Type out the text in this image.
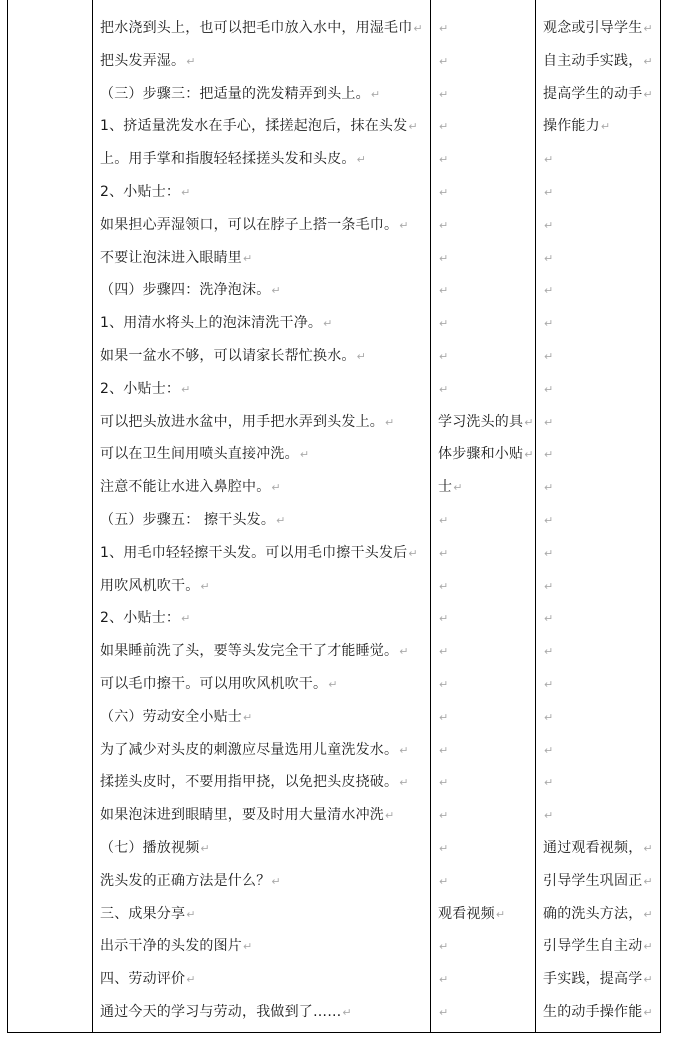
把水浇到头上，也可以把毛巾放入水中，用湿毛巾↵
把头发弄湿。↵
（三）步骤三：把适量的洗发精弄到头上。↵
1、挤适量洗发水在手心，揉搓起泡后，抹在头发↵
上。用手掌和指腹轻轻揉搓头发和头皮。↵
2、小贴士：↵
如果担心弄湿领口，可以在脖子上搭一条毛巾。↵
不要让泡沫进入眼睛里↵
（四）步骤四：洗净泡沫。↵
1、用清水将头上的泡沫清洗干净。↵
如果一盆水不够，可以请家长帮忙换水。↵
2、小贴士：↵
可以把头放进水盆中，用手把水弄到头发上。↵
可以在卫生间用喷头直接冲洗。↵
注意不能让水进入鼻腔中。↵
（五）步骤五： 擦干头发。↵
1、用毛巾轻轻擦干头发。可以用毛巾擦干头发后↵
用吹风机吹干。↵
2、小贴士：↵
如果睡前洗了头，要等头发完全干了才能睡觉。↵
可以毛巾擦干。可以用吹风机吹干。↵
（六）劳动安全小贴士↵
为了减少对头皮的刺激应尽量选用儿童洗发水。↵
揉搓头皮时，不要用指甲挠，以免把头皮挠破。↵
如果泡沫进到眼睛里，要及时用大量清水冲洗↵
（七）播放视频↵
洗头发的正确方法是什么？↵
三、成果分享↵
出示干净的头发的图片↵
四、劳动评价↵
通过今天的学习与劳动，我做到了……↵
↵
↵
↵
↵
↵
↵
↵
↵
↵
↵
↵
↵
学习洗头的具↵
体步骤和小贴↵
士↵
↵
↵
↵
↵
↵
↵
↵
↵
↵
↵
↵
↵
观看视频↵
↵
↵
↵
观念或引导学生↵
自主动手实践，↵
提高学生的动手↵
操作能力↵
↵
↵
↵
↵
↵
↵
↵
↵
↵
↵
↵
↵
↵
↵
↵
↵
↵
↵
↵
↵
↵
通过观看视频，↵
引导学生巩固正↵
确的洗头方法，↵
引导学生自主动↵
手实践，提高学↵
生的动手操作能↵
